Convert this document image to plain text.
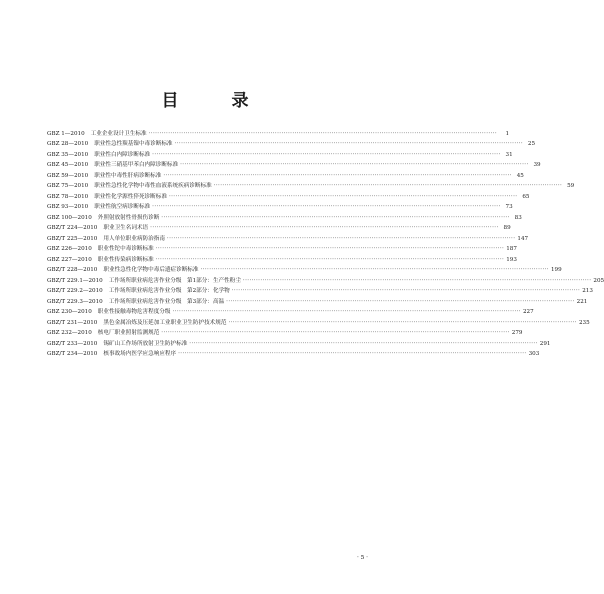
目　录
GBZ 1—2010 工业企业设计卫生标准 ································································································································································	1
GBZ 28—2010 职业性急性羰基镍中毒诊断标准 ································································································································································ 25
GBZ 35—2010 职业性白内障诊断标准 ································································································································································ 31
GBZ 45—2010 职业性三硝基甲苯白内障诊断标准 ································································································································································ 39
GBZ 59—2010 职业性中毒性肝病诊断标准 ································································································································································ 45
GBZ 75—2010 职业性急性化学物中毒性血液系统疾病诊断标准 ································································································································································ 59
GBZ 78—2010 职业性化学源性猝死诊断标准 ································································································································································ 65
GBZ 93—2010 职业性航空病诊断标准 ································································································································································ 73
GBZ 100—2010 外照射放射性骨损伤诊断 ································································································································································ 83
GBZ/T 224—2010 职业卫生名词术语 ································································································································································ 89
GBZ/T 225—2010 用人单位职业病防治指南 ································································································································································ 147
GBZ 226—2010 职业性铊中毒诊断标准 ································································································································································ 187
GBZ 227—2010 职业性传染病诊断标准 ································································································································································ 193
GBZ/T 228—2010 职业性急性化学物中毒后遗症诊断标准 ································································································································································ 199
GBZ/T 229.1—2010 工作场所职业病危害作业分级　第1部分：生产性粉尘 ································································································································································ 205
GBZ/T 229.2—2010 工作场所职业病危害作业分级　第2部分：化学物 ································································································································································ 213
GBZ/T 229.3—2010 工作场所职业病危害作业分级　第3部分：高温 ································································································································································ 221
GBZ 230—2010 职业性接触毒物危害程度分级 ································································································································································ 227
GBZ/T 231—2010 黑色金属冶炼及压延加工业职业卫生防护技术规范 ································································································································································ 235
GBZ 232—2010 核电厂职业照射监测规范 ································································································································································ 279
GBZ/T 233—2010 锡矿山工作场所放射卫生防护标准 ································································································································································ 291
GBZ/T 234—2010 核事故场内医学应急响应程序 ································································································································································ 303
· 5 ·
